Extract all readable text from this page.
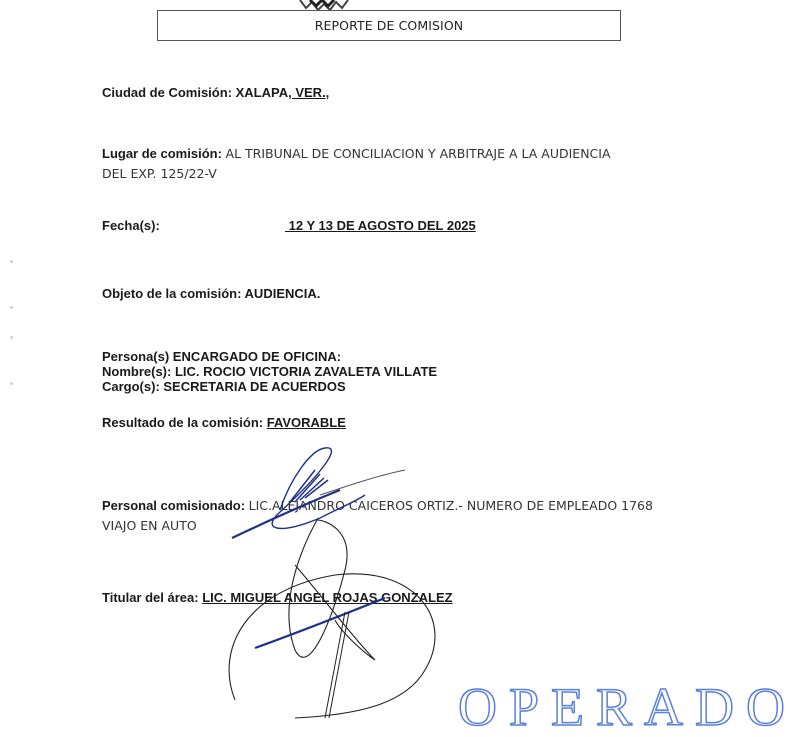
REPORTE DE COMISION
Ciudad de Comisión: XALAPA, VER.,
Lugar de comisión: AL TRIBUNAL DE CONCILIACION Y ARBITRAJE A LA AUDIENCIA
DEL EXP. 125/22-V
Fecha(s):	12 Y 13 DE AGOSTO DEL 2025
Objeto de la comisión: AUDIENCIA.
Persona(s) ENCARGADO DE OFICINA:
Nombre(s): LIC. ROCIO VICTORIA ZAVALETA VILLATE
Cargo(s): SECRETARIA DE ACUERDOS
Resultado de la comisión: FAVORABLE
Personal comisionado: LIC.ALEJANDRO CAICEROS ORTIZ.- NUMERO DE EMPLEADO 1768
VIAJO EN AUTO
Titular del área: LIC. MIGUEL ANGEL ROJAS GONZALEZ
OPERADO
